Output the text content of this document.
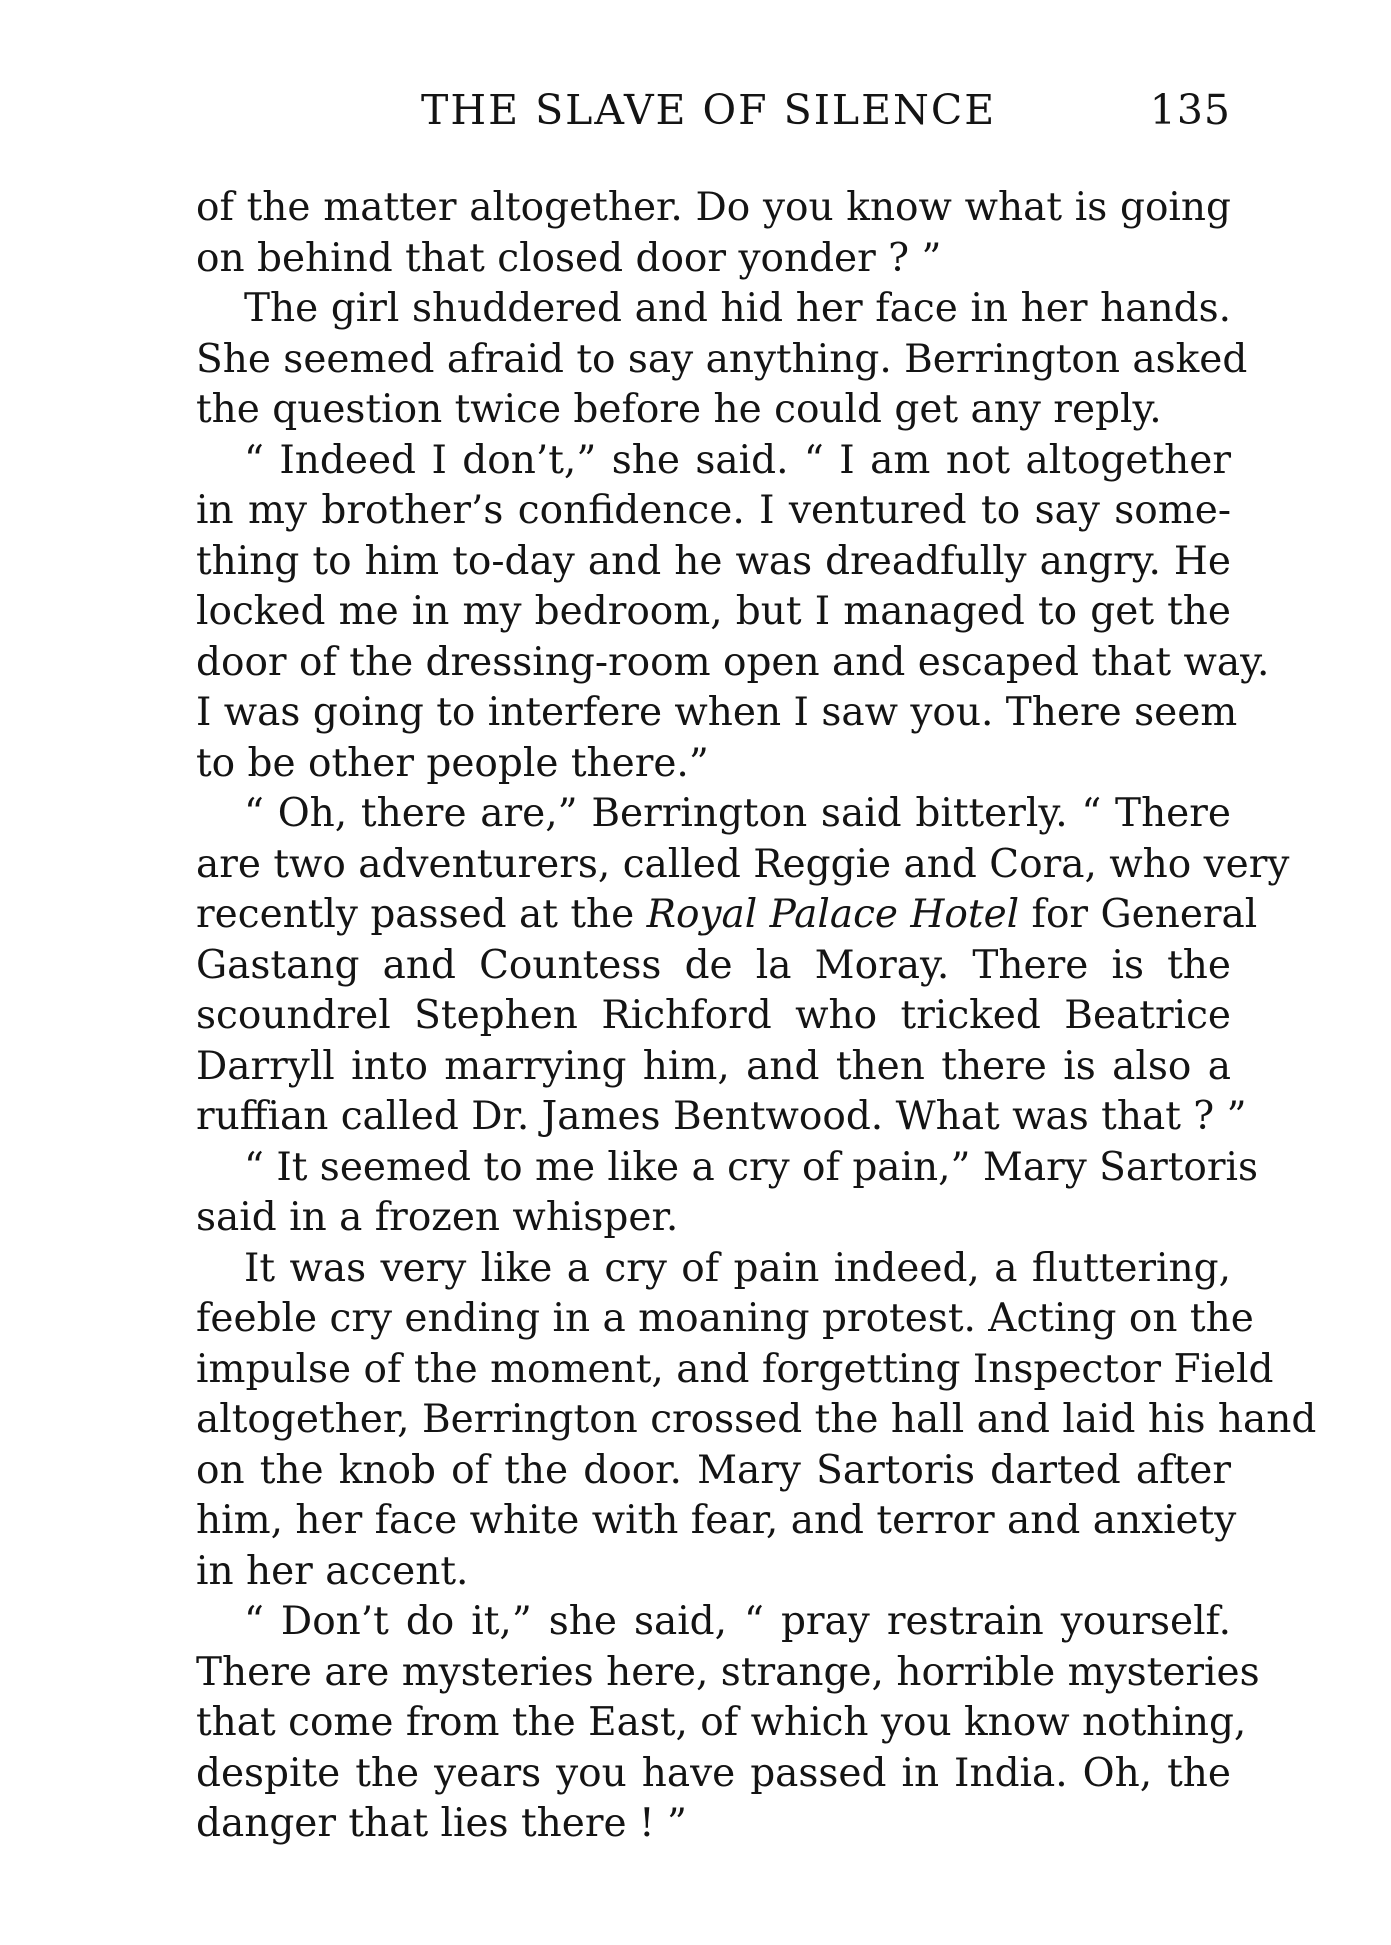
THE SLAVE OF SILENCE	135
of the matter altogether. Do you know what is going
on behind that closed door yonder ? ”
The girl shuddered and hid her face in her hands.
She seemed afraid to say anything. Berrington asked
the question twice before he could get any reply.
“ Indeed I don’t,” she said. “ I am not altogether
in my brother’s confidence. I ventured to say some-
thing to him to-day and he was dreadfully angry. He
locked me in my bedroom, but I managed to get the
door of the dressing-room open and escaped that way.
I was going to interfere when I saw you. There seem
to be other people there.”
“ Oh, there are,” Berrington said bitterly. “ There
are two adventurers, called Reggie and Cora, who very
recently passed at the Royal Palace Hotel for General
Gastang and Countess de la Moray. There is the
scoundrel Stephen Richford who tricked Beatrice
Darryll into marrying him, and then there is also a
ruffian called Dr. James Bentwood. What was that ? ”
“ It seemed to me like a cry of pain,” Mary Sartoris
said in a frozen whisper.
It was very like a cry of pain indeed, a fluttering,
feeble cry ending in a moaning protest. Acting on the
impulse of the moment, and forgetting Inspector Field
altogether, Berrington crossed the hall and laid his hand
on the knob of the door. Mary Sartoris darted after
him, her face white with fear, and terror and anxiety
in her accent.
“ Don’t do it,” she said, “ pray restrain yourself.
There are mysteries here, strange, horrible mysteries
that come from the East, of which you know nothing,
despite the years you have passed in India. Oh, the
danger that lies there ! ”
